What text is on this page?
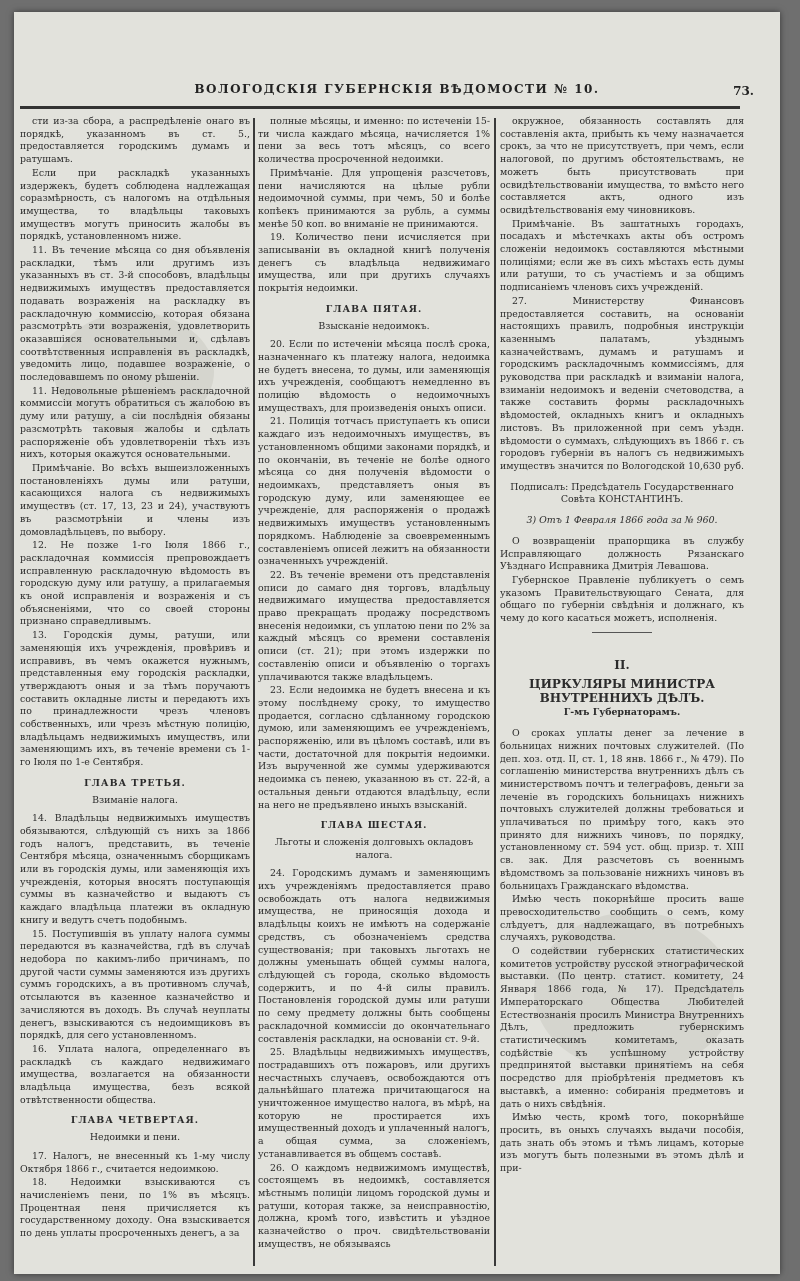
ВОЛОГОДСКIЯ ГУБЕРНСКIЯ ВѢДОМОСТИ № 10.	73.

сти из-за сбора, а распредѣленіе онаго въ порядкѣ, указанномъ въ ст. 5., предоставляется городскимъ думамъ и ратушамъ.

Если при раскладкѣ указанныхъ издержекъ, будетъ соблюдена надлежащая соразмѣрность, съ налогомъ на отдѣльныя имущества, то владѣльцы таковыхъ имуществъ могутъ приносить жалобы въ порядкѣ, установленномъ ниже.

11. Въ течение мѣсяца со дня объявленія раскладки, тѣмъ или другимъ изъ указанныхъ въ ст. 3-й способовъ, владѣльцы недвижимыхъ имуществъ предоставляется подавать возраженія на раскладку въ раскладочную коммиссію, которая обязана разсмотрѣть эти возраженія, удовлетворить оказавшіяся основательными и, сдѣлавъ соотвѣтственныя исправленія въ раскладкѣ, уведомить лицо, подавшее возраженіе, о последовавшемъ по оному рѣшеніи.

11. Недовольные рѣшеніемъ раскладочной коммиссіи могутъ обратиться съ жалобою въ думу или ратушу, а сіи послѣднія обязаны разсмотрѣть таковыя жалобы и сдѣлать распоряженіе объ удовлетвореніи тѣхъ изъ нихъ, которыя окажутся основательными.

Примѣчаніе. Во всѣхъ вышеизложенныхъ постановленіяхъ думы или ратуши, касающихся налога съ недвижимыхъ имуществъ (ст. 17, 13, 23 и 24), участвуютъ въ разсмотрѣніи и члены изъ домовладѣльцевъ, по выбору.

12. Не позже 1-го Іюля 1866 г., раскладочная коммиссія препровождаетъ исправленную раскладочную вѣдомость въ городскую думу или ратушу, а прилагаемыя къ оной исправленія и возраженія и съ объясненіями, что со своей стороны признано справедливымъ.

13. Городскія думы, ратуши, или заменяющія ихъ учрежденія, провѣривъ и исправивъ, въ чемъ окажется нужнымъ, представленныя ему городскія раскладки, утверждаютъ оныя и за тѣмъ поручаютъ составить окладные листы и передаютъ ихъ по принадлежности чрезъ членовъ собственныхъ, или чрезъ мѣстную полицію, владѣльцамъ недвижимыхъ имуществъ, или заменяющимъ ихъ, въ теченіе времени съ 1-го Іюля по 1-е Сентября.

ГЛАВА ТРЕТЬЯ.

Взиманіе налога.

14. Владѣльцы недвижимыхъ имуществъ обязываются, слѣдующій съ нихъ за 1866 годъ налогъ, представить, въ теченіе Сентября мѣсяца, означеннымъ сборщикамъ или въ городскія думы, или заменяющія ихъ учрежденія, которыя вносятъ поступающія суммы въ казначейство и выдаютъ съ каждаго владѣльца платежи въ окладную книгу и ведутъ счетъ подобнымъ.

15. Поступившія въ уплату налога суммы передаются въ казначейства, гдѣ въ случаѣ недобора по какимъ-либо причинамъ, по другой части суммы заменяются изъ другихъ суммъ городскихъ, а въ противномъ случаѣ, отсылаются въ казенное казначейство и зачисляются въ доходъ. Въ случаѣ неуплаты денегъ, взыскиваются съ недоимщиковъ въ порядкѣ, для сего установленномъ.

16. Уплата налога, определеннаго въ раскладкѣ съ каждаго недвижимаго имущества, возлагается на обязанности владѣльца имущества, безъ всякой отвѣтственности общества.

ГЛАВА ЧЕТВЕРТАЯ.

Недоимки и пени.

17. Налогъ, не внесенный къ 1-му числу Октября 1866 г., считается недоимкою.

18. Недоимки взыскиваются съ начисленіемъ пени, по 1% въ мѣсяцъ. Процентная пеня причисляется къ государственному доходу. Она взыскивается по день уплаты просроченныхъ денегъ, а за

полные мѣсяцы, и именно: по истеченіи 15-ти числа каждаго мѣсяца, начисляется 1% пени за весь тотъ мѣсяцъ, со всего количества просроченной недоимки.

Примѣчаніе. Для упрощенія разсчетовъ, пени начисляются на цѣлые рубли недоимочной суммы, при чемъ, 50 и болѣе копѣекъ принимаются за рубль, а суммы менѣе 50 коп. во вниманіе не принимаются.

19. Количество пени исчисляется при записываніи въ окладной книгѣ полученія денегъ съ владѣльца недвижимаго имущества, или при другихъ случаяхъ покрытія недоимки.

ГЛАВА ПЯТАЯ.

Взысканіе недоимокъ.

20. Если по истеченіи мѣсяца послѣ срока, назначеннаго къ платежу налога, недоимка не будетъ внесена, то думы, или заменяющія ихъ учрежденія, сообщаютъ немедленно въ полицію вѣдомость о недоимочныхъ имуществахъ, для произведенія оныхъ описи.

21. Полиція тотчасъ приступаетъ къ описи каждаго изъ недоимочныхъ имуществъ, въ установленномъ общими законами порядкѣ, и по окончаніи, въ теченіе не болѣе одного мѣсяца со дня полученія вѣдомости о недоимкахъ, представляетъ оныя въ городскую думу, или заменяющее ее учрежденіе, для распоряженія о продажѣ недвижимыхъ имуществъ установленнымъ порядкомъ. Наблюденіе за своевременнымъ составленіемъ описей лежитъ на обязанности означенныхъ учрежденій.

22. Въ теченіе времени отъ представленія описи до самаго дня торговъ, владѣльцу недвижимаго имущества предоставляется право прекращать продажу посредствомъ внесенія недоимки, съ уплатою пени по 2% за каждый мѣсяцъ со времени составленія описи (ст. 21); при этомъ издержки по составленію описи и объявленію о торгахъ уплачиваются также владѣльцемъ.

23. Если недоимка не будетъ внесена и къ этому послѣднему сроку, то имущество продается, согласно сдѣланному городскою думою, или заменяющимъ ее учрежденіемъ, распоряженію, или въ цѣломъ составѣ, или въ части, достаточной для покрытія недоимки. Изъ вырученной же суммы удерживаются недоимка съ пенею, указанною въ ст. 22-й, а остальныя деньги отдаются владѣльцу, если на него не предъявлено иныхъ взысканій.

ГЛАВА ШЕСТАЯ.

Льготы и сложенія долговыхъ окладовъ налога.

24. Городскимъ думамъ и заменяющимъ ихъ учрежденіямъ предоставляется право освобождать отъ налога недвижимыя имущества, не приносящія дохода и владѣльцы коихъ не имѣютъ на содержаніе средствъ, съ обозначеніемъ средства существованія; при таковыхъ льготахъ не должны уменьшать общей суммы налога, слѣдующей съ города, сколько вѣдомость содержитъ, и по 4-й силы правилъ. Постановленія городской думы или ратуши по сему предмету должны быть сообщены раскладочной коммиссіи до окончательнаго составленія раскладки, на основаніи ст. 9-й.

25. Владѣльцы недвижимыхъ имуществъ, пострадавшихъ отъ пожаровъ, или другихъ несчастныхъ случаевъ, освобождаются отъ дальнѣйшаго платежа причитающагося на уничтоженное имущество налога, въ мѣрѣ, на которую не простирается ихъ имущественный доходъ и уплаченный налогъ, а общая сумма, за сложеніемъ, устанавливается въ общемъ составѣ.

26. О каждомъ недвижимомъ имуществѣ, состоящемъ въ недоимкѣ, составляется мѣстнымъ полиціи лицомъ городской думы и ратуши, которая также, за неисправностію, должна, кромѣ того, извѣстить и уѣздное казначейство о проч. свидѣтельствованіи имуществъ, не обязываясь

окружное, обязанность составлять для составленія акта, прибыть къ чему назначается срокъ, за что не присутствуетъ, при чемъ, если налоговой, по другимъ обстоятельствамъ, не можетъ быть присутствовать при освидѣтельствованіи имущества, то вмѣсто него составляется актъ, одного изъ освидѣтельствованія ему чиновниковъ.

Примѣчаніе. Въ заштатныхъ городахъ, посадахъ и мѣстечкахъ акты объ остромъ сложеніи недоимокъ составляются мѣстными полиціями; если же въ сихъ мѣстахъ есть думы или ратуши, то съ участіемъ и за общимъ подписаніемъ членовъ сихъ учрежденій.

27. Министерству Финансовъ предоставляется составить, на основаніи настоящихъ правилъ, подробныя инструкціи казеннымъ палатамъ, уѣзднымъ казначействамъ, думамъ и ратушамъ и городскимъ раскладочнымъ коммиссіямъ, для руководства при раскладкѣ и взиманіи налога, взиманіи недоимокъ и веденіи счетоводства, а также составить формы раскладочныхъ вѣдомостей, окладныхъ книгъ и окладныхъ листовъ. Въ приложенной при семъ уѣздн. вѣдомости о суммахъ, слѣдующихъ въ 1866 г. съ городовъ губерніи въ налогъ съ недвижимыхъ имуществъ значится по Вологодской 10,630 руб.

Подписалъ: Предсѣдатель Государственнаго Совѣта КОНСТАНТИНЪ.

3) Отъ 1 Февраля 1866 года за № 960.

О возвращеніи прапорщика въ службу Исправляющаго должность Рязанскаго Уѣзднаго Исправника Дмитрія Левашова.

Губернское Правленіе публикуетъ о семъ указомъ Правительствующаго Сената, для общаго по губерніи свѣдѣнія и должнаго, къ чему до кого касаться можетъ, исполненія.

II.

ЦИРКУЛЯРЫ МИНИСТРА ВНУТРЕННИХЪ ДѢЛЪ.

Г-мъ Губернаторамъ.

О сроках уплаты денег за лечение в больницах нижних почтовых служителей. (По деп. хоз. отд. II, ст. 1, 18 янв. 1866 г., № 479). По соглашенію министерства внутреннихъ дѣлъ съ министерствомъ почтъ и телеграфовъ, деньги за леченіе въ городскихъ больницахъ нижнихъ почтовыхъ служителей должны требоваться и уплачиваться по примѣру того, какъ это принято для нижнихъ чиновъ, по порядку, установленному ст. 594 уст. общ. призр. т. XIII св. зак. Для разсчетовъ съ военнымъ вѣдомствомъ за пользованіе нижнихъ чиновъ въ больницахъ Гражданскаго вѣдомства.

Имѣю честь покорнѣйше просить ваше превосходительство сообщить о семъ, кому слѣдуетъ, для надлежащаго, въ потребныхъ случаяхъ, руководства.

О содействии губернских статистических комитетов устройству русской этнографической выставки. (По центр. статист. комитету, 24 Января 1866 года, № 17). Предсѣдатель Императорскаго Общества Любителей Естествознанія просилъ Министра Внутреннихъ Дѣлъ, предложить губернскимъ статистическимъ комитетамъ, оказать содѣйствіе къ успѣшному устройству предпринятой выставки принятіемъ на себя посредство для пріобрѣтенія предметовъ къ выставкѣ, а именно: собиранія предметовъ и дать о нихъ свѣдѣнія.

Имѣю честь, кромѣ того, покорнѣйше просить, въ оныхъ случаяхъ выдачи пособія, дать знать объ этомъ и тѣмъ лицамъ, которые изъ могутъ быть полезными въ этомъ дѣлѣ и при-
